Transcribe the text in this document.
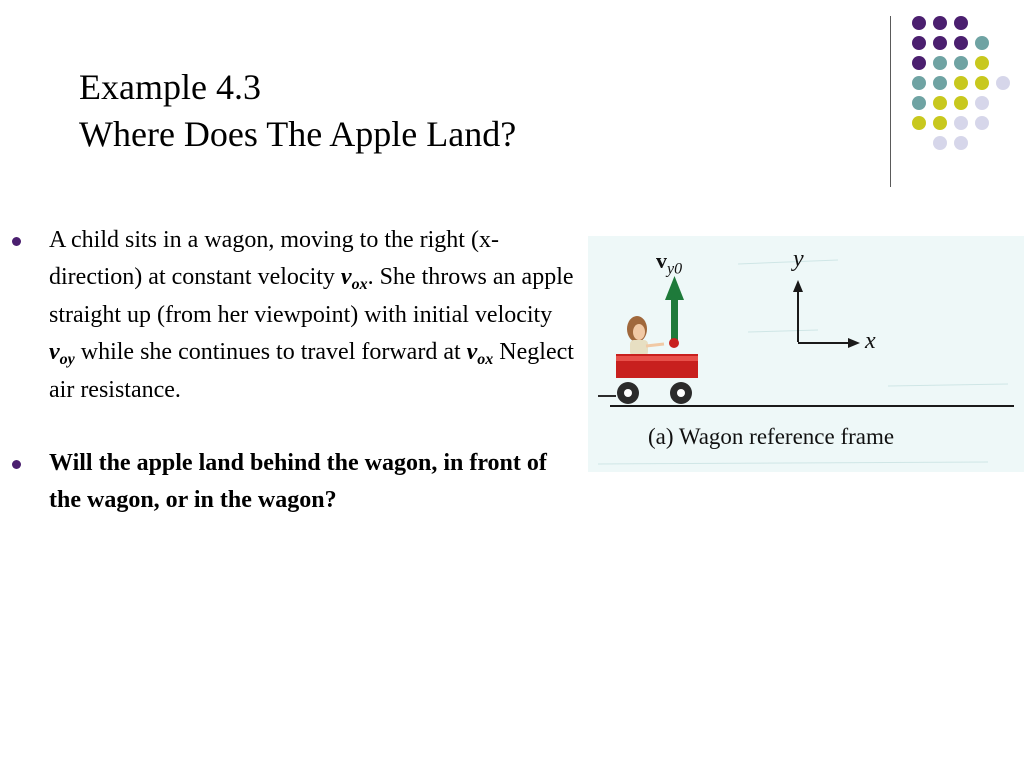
Example 4.3
Where Does The Apple Land?
A child sits in a wagon, moving to the right (x-direction) at constant velocity $v_{ox}$. She throws an apple straight up (from her viewpoint) with initial velocity $v_{oy}$ while she continues to travel forward at $v_{ox}$ Neglect air resistance.
Will the apple land behind the wagon, in front of the wagon, or in the wagon?
$v_{y0}$	y
x
(a) Wagon reference frame
